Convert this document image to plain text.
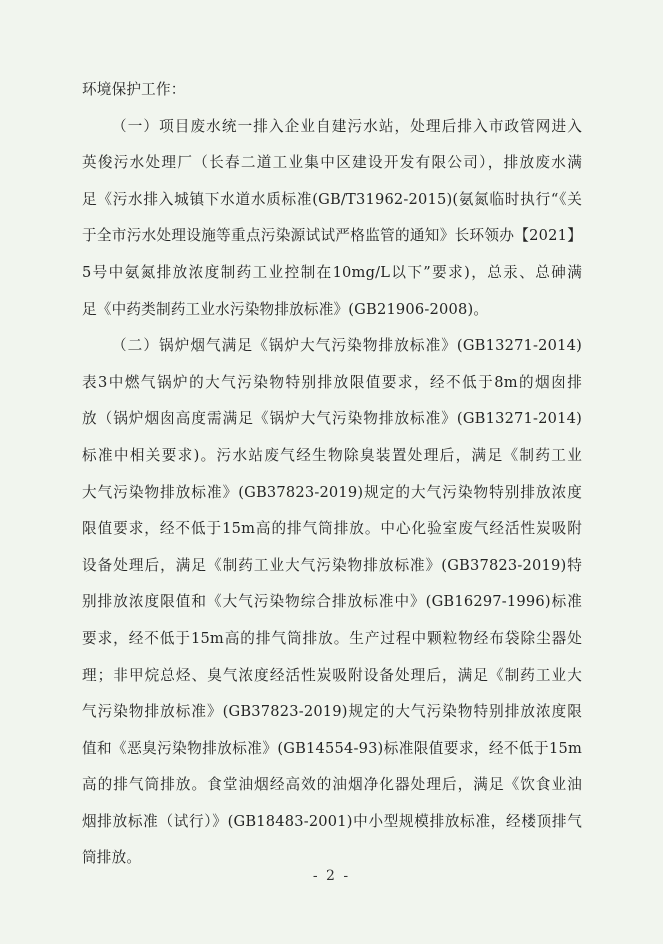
环境保护工作：

（一）项目废水统一排入企业自建污水站，处理后排入市政管网进入
英俊污水处理厂（长春二道工业集中区建设开发有限公司），排放废水满
足《污水排入城镇下水道水质标准(GB/T31962-2015)(氨氮临时执行“《关
于全市污水处理设施等重点污染源试试严格监管的通知》长环领办【2021】
5号中氨氮排放浓度制药工业控制在10mg/L以下”要求)，总汞、总砷满
足《中药类制药工业水污染物排放标准》(GB21906-2008)。

（二）锅炉烟气满足《锅炉大气污染物排放标准》(GB13271-2014)
表3中燃气锅炉的大气污染物特别排放限值要求，经不低于8m的烟囱排
放（锅炉烟囱高度需满足《锅炉大气污染物排放标准》(GB13271-2014)
标准中相关要求)。污水站废气经生物除臭装置处理后，满足《制药工业
大气污染物排放标准》(GB37823-2019)规定的大气污染物特别排放浓度
限值要求，经不低于15m高的排气筒排放。中心化验室废气经活性炭吸附
设备处理后，满足《制药工业大气污染物排放标准》(GB37823-2019)特
别排放浓度限值和《大气污染物综合排放标准中》(GB16297-1996)标准
要求，经不低于15m高的排气筒排放。生产过程中颗粒物经布袋除尘器处
理；非甲烷总烃、臭气浓度经活性炭吸附设备处理后，满足《制药工业大
气污染物排放标准》(GB37823-2019)规定的大气污染物特别排放浓度限
值和《恶臭污染物排放标准》(GB14554-93)标准限值要求，经不低于15m
高的排气筒排放。食堂油烟经高效的油烟净化器处理后，满足《饮食业油
烟排放标准（试行）》(GB18483-2001)中小型规模排放标准，经楼顶排气
筒排放。

- 2 -
